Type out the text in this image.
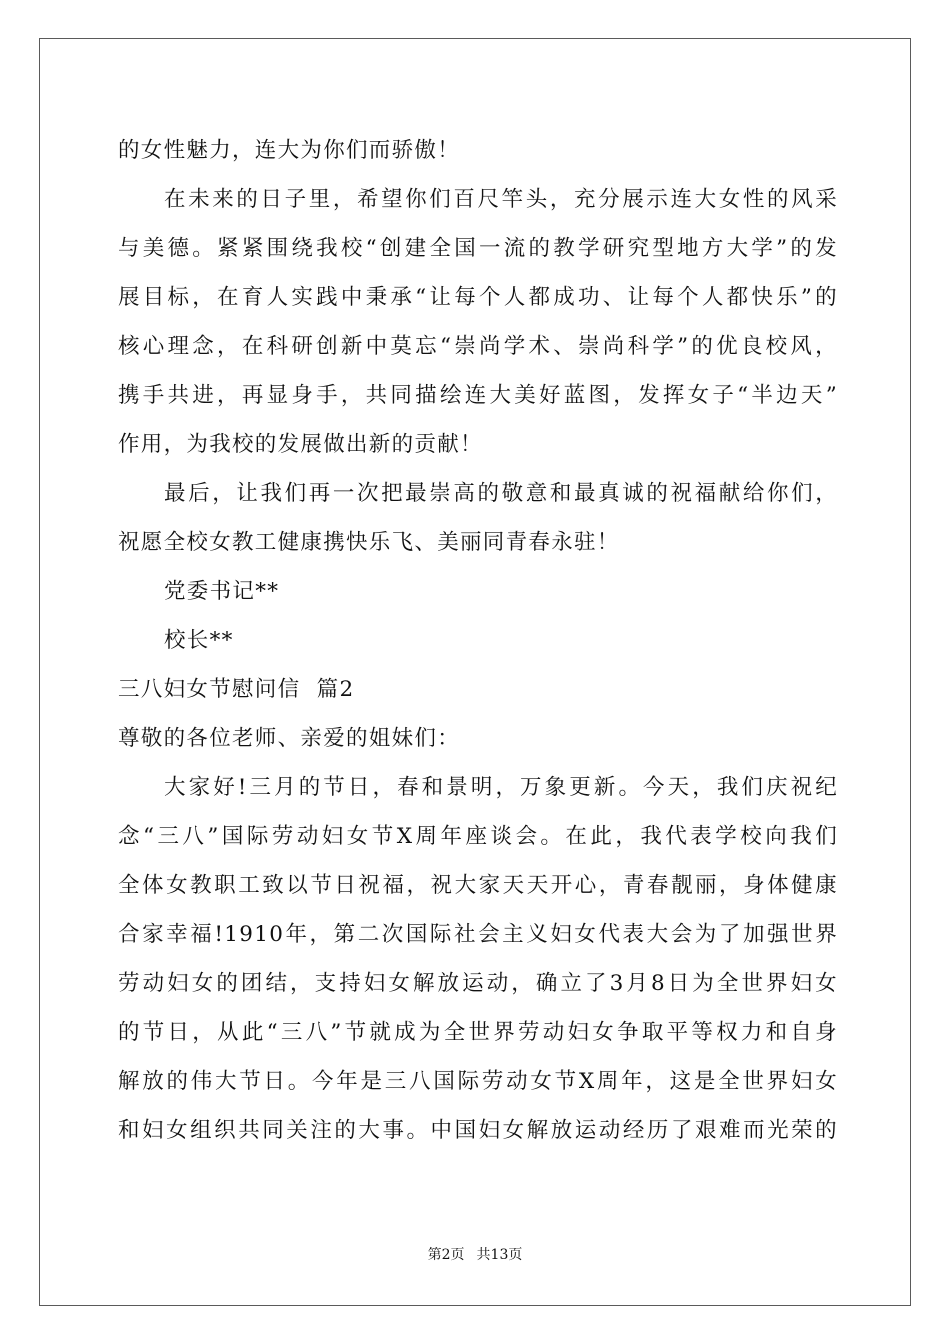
的女性魅力，连大为你们而骄傲！
在未来的日子里，希望你们百尺竿头，充分展示连大女性的风采
与美德。紧紧围绕我校“创建全国一流的教学研究型地方大学”的发
展目标，在育人实践中秉承“让每个人都成功、让每个人都快乐”的
核心理念，在科研创新中莫忘“崇尚学术、崇尚科学”的优良校风，
携手共进，再显身手，共同描绘连大美好蓝图，发挥女子“半边天”
作用，为我校的发展做出新的贡献！
最后，让我们再一次把最崇高的敬意和最真诚的祝福献给你们，
祝愿全校女教工健康携快乐飞、美丽同青春永驻！
党委书记**
校长**
三八妇女节慰问信  篇2
尊敬的各位老师、亲爱的姐妹们：
大家好!三月的节日，春和景明，万象更新。今天，我们庆祝纪
念“三八”国际劳动妇女节X周年座谈会。在此，我代表学校向我们
全体女教职工致以节日祝福，祝大家天天开心，青春靓丽，身体健康
合家幸福!1910年，第二次国际社会主义妇女代表大会为了加强世界
劳动妇女的团结，支持妇女解放运动，确立了3月8日为全世界妇女
的节日，从此“三八”节就成为全世界劳动妇女争取平等权力和自身
解放的伟大节日。今年是三八国际劳动女节X周年，这是全世界妇女
和妇女组织共同关注的大事。中国妇女解放运动经历了艰难而光荣的
第2页 共13页
